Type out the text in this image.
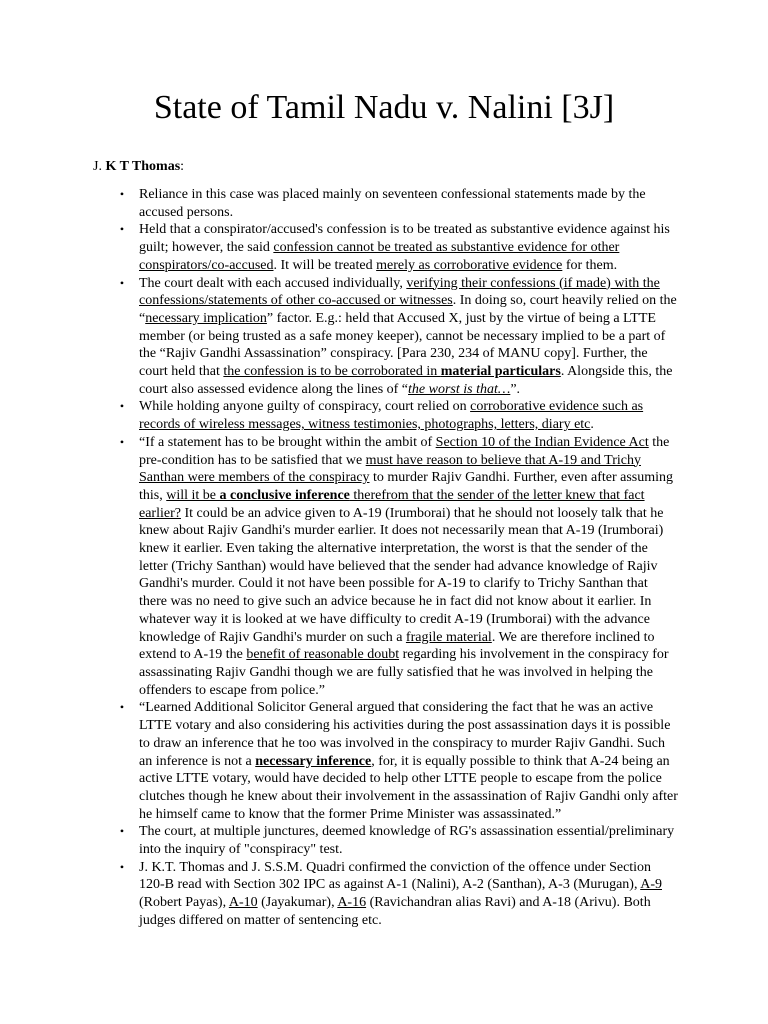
State of Tamil Nadu v. Nalini [3J]
J. K T Thomas:
• Reliance in this case was placed mainly on seventeen confessional statements made by the accused persons.
• Held that a conspirator/accused's confession is to be treated as substantive evidence against his guilt; however, the said confession cannot be treated as substantive evidence for other conspirators/co-accused. It will be treated merely as corroborative evidence for them.
• The court dealt with each accused individually, verifying their confessions (if made) with the confessions/statements of other co-accused or witnesses. In doing so, court heavily relied on the “necessary implication” factor. E.g.: held that Accused X, just by the virtue of being a LTTE member (or being trusted as a safe money keeper), cannot be necessary implied to be a part of the “Rajiv Gandhi Assassination” conspiracy. [Para 230, 234 of MANU copy]. Further, the court held that the confession is to be corroborated in material particulars. Alongside this, the court also assessed evidence along the lines of “the worst is that…”.
• While holding anyone guilty of conspiracy, court relied on corroborative evidence such as records of wireless messages, witness testimonies, photographs, letters, diary etc.
• “If a statement has to be brought within the ambit of Section 10 of the Indian Evidence Act the pre-condition has to be satisfied that we must have reason to believe that A-19 and Trichy Santhan were members of the conspiracy to murder Rajiv Gandhi. Further, even after assuming this, will it be a conclusive inference therefrom that the sender of the letter knew that fact earlier? It could be an advice given to A-19 (Irumborai) that he should not loosely talk that he knew about Rajiv Gandhi's murder earlier. It does not necessarily mean that A-19 (Irumborai) knew it earlier. Even taking the alternative interpretation, the worst is that the sender of the letter (Trichy Santhan) would have believed that the sender had advance knowledge of Rajiv Gandhi's murder. Could it not have been possible for A-19 to clarify to Trichy Santhan that there was no need to give such an advice because he in fact did not know about it earlier. In whatever way it is looked at we have difficulty to credit A-19 (Irumborai) with the advance knowledge of Rajiv Gandhi's murder on such a fragile material. We are therefore inclined to extend to A-19 the benefit of reasonable doubt regarding his involvement in the conspiracy for assassinating Rajiv Gandhi though we are fully satisfied that he was involved in helping the offenders to escape from police.”
• “Learned Additional Solicitor General argued that considering the fact that he was an active LTTE votary and also considering his activities during the post assassination days it is possible to draw an inference that he too was involved in the conspiracy to murder Rajiv Gandhi. Such an inference is not a necessary inference, for, it is equally possible to think that A-24 being an active LTTE votary, would have decided to help other LTTE people to escape from the police clutches though he knew about their involvement in the assassination of Rajiv Gandhi only after he himself came to know that the former Prime Minister was assassinated.”
• The court, at multiple junctures, deemed knowledge of RG's assassination essential/preliminary into the inquiry of "conspiracy" test.
• J. K.T. Thomas and J. S.S.M. Quadri confirmed the conviction of the offence under Section 120-B read with Section 302 IPC as against A-1 (Nalini), A-2 (Santhan), A-3 (Murugan), A-9 (Robert Payas), A-10 (Jayakumar), A-16 (Ravichandran alias Ravi) and A-18 (Arivu). Both judges differed on matter of sentencing etc.
